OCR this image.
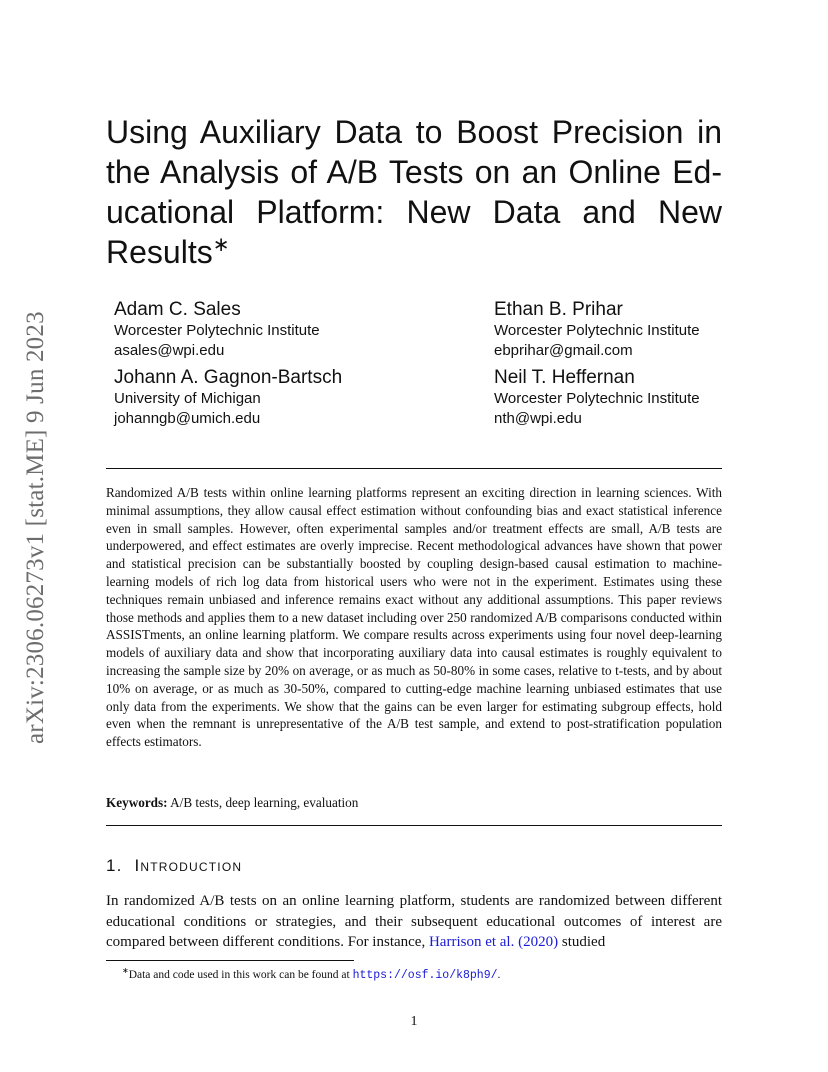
arXiv:2306.06273v1 [stat.ME] 9 Jun 2023
Using Auxiliary Data to Boost Precision in
the Analysis of A/B Tests on an Online Ed-
ucational Platform: New Data and New
Results∗
Adam C. Sales
Worcester Polytechnic Institute
asales@wpi.edu
Ethan B. Prihar
Worcester Polytechnic Institute
ebprihar@gmail.com
Johann A. Gagnon-Bartsch
University of Michigan
johanngb@umich.edu
Neil T. Heffernan
Worcester Polytechnic Institute
nth@wpi.edu

Randomized A/B tests within online learning platforms represent an exciting direction in learning sciences. With minimal assumptions, they allow causal effect estimation without confounding bias and exact statistical inference even in small samples. However, often experimental samples and/or treatment effects are small, A/B tests are underpowered, and effect estimates are overly imprecise. Recent methodological advances have shown that power and statistical precision can be substantially boosted by coupling design-based causal estimation to machine-learning models of rich log data from historical users who were not in the experiment. Estimates using these techniques remain unbiased and inference remains exact without any additional assumptions. This paper reviews those methods and applies them to a new dataset including over 250 randomized A/B comparisons conducted within ASSISTments, an online learning platform. We compare results across experiments using four novel deep-learning models of auxiliary data and show that incorporating auxiliary data into causal estimates is roughly equivalent to increasing the sample size by 20% on average, or as much as 50-80% in some cases, relative to t-tests, and by about 10% on average, or as much as 30-50%, compared to cutting-edge machine learning unbiased estimates that use only data from the experiments. We show that the gains can be even larger for estimating subgroup effects, hold even when the remnant is unrepresentative of the A/B test sample, and extend to post-stratification population effects estimators.

Keywords: A/B tests, deep learning, evaluation

1. Introduction

In randomized A/B tests on an online learning platform, students are randomized between different educational conditions or strategies, and their subsequent educational outcomes of interest are compared between different conditions. For instance, Harrison et al. (2020) studied

∗Data and code used in this work can be found at https://osf.io/k8ph9/.

1
